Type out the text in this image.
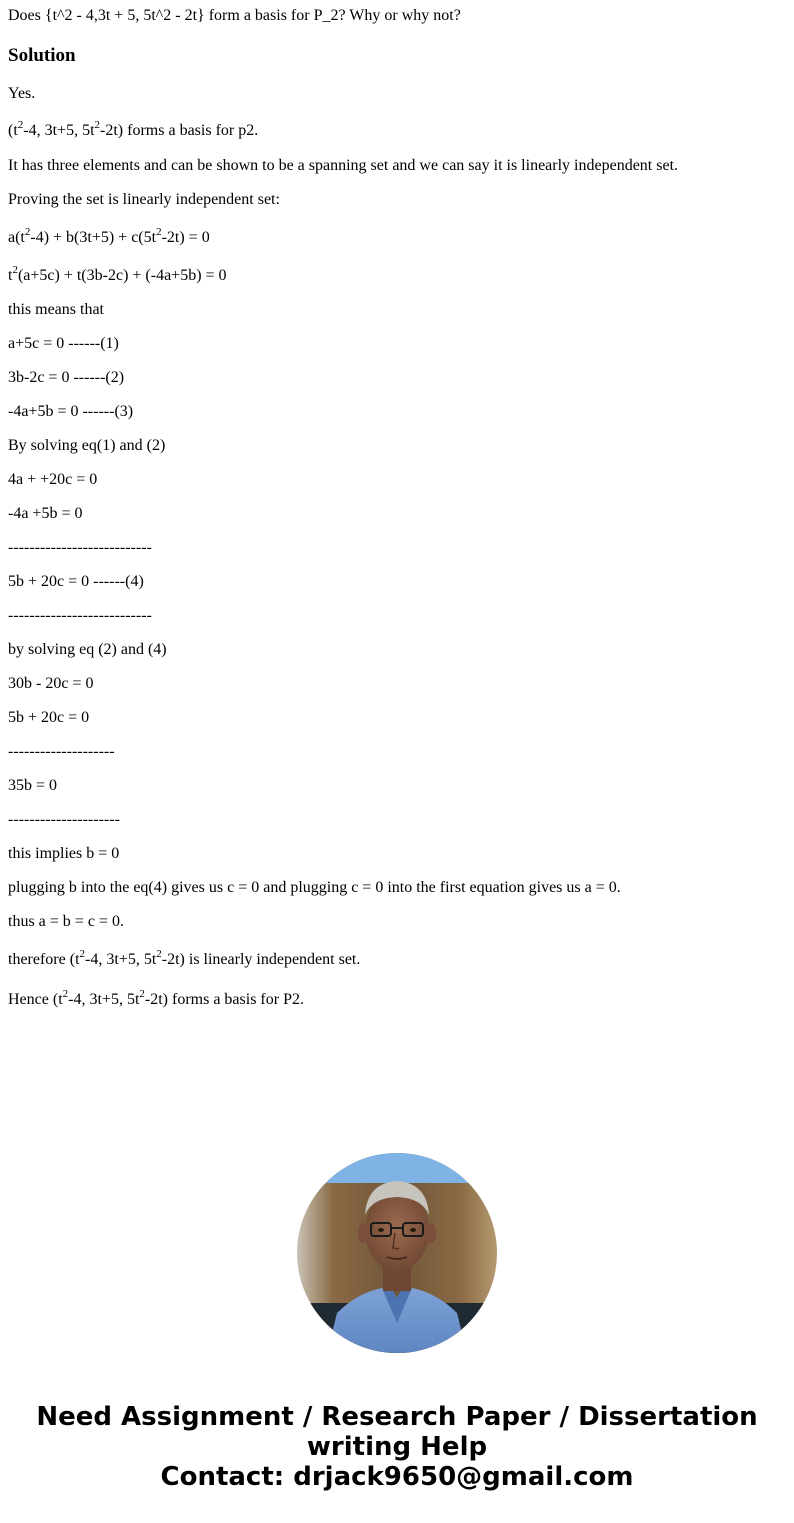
Does {t^2 - 4,3t + 5, 5t^2 - 2t} form a basis for P_2? Why or why not?
Solution
Yes.
($t^2-4$, 3t+5, $5t^2-2t$) forms a basis for p2.
It has three elements and can be shown to be a spanning set and we can say it is linearly independent set.
Proving the set is linearly independent set:
$a(t^2-4) + b(3t+5) + c(5t^2-2t) = 0$
$t^2(a+5c) + t(3b-2c) + (-4a+5b) = 0$
this means that
a+5c = 0 ------(1)
3b-2c = 0 ------(2)
-4a+5b = 0 ------(3)
By solving eq(1) and (2)
4a + +20c = 0
-4a +5b = 0
---------------------------
5b + 20c = 0 ------(4)
---------------------------
by solving eq (2) and (4)
30b - 20c = 0
5b + 20c = 0
--------------------
35b = 0
---------------------
this implies b = 0
plugging b into the eq(4) gives us c = 0 and plugging c = 0 into the first equation gives us a = 0.
thus a = b = c = 0.
therefore ($t^2-4$, 3t+5, $5t^2-2t$) is linearly independent set.
Hence ($t^2-4$, 3t+5, $5t^2-2t$) forms a basis for P2.
Need Assignment / Research Paper / Dissertation
writing Help
Contact: drjack9650@gmail.com
